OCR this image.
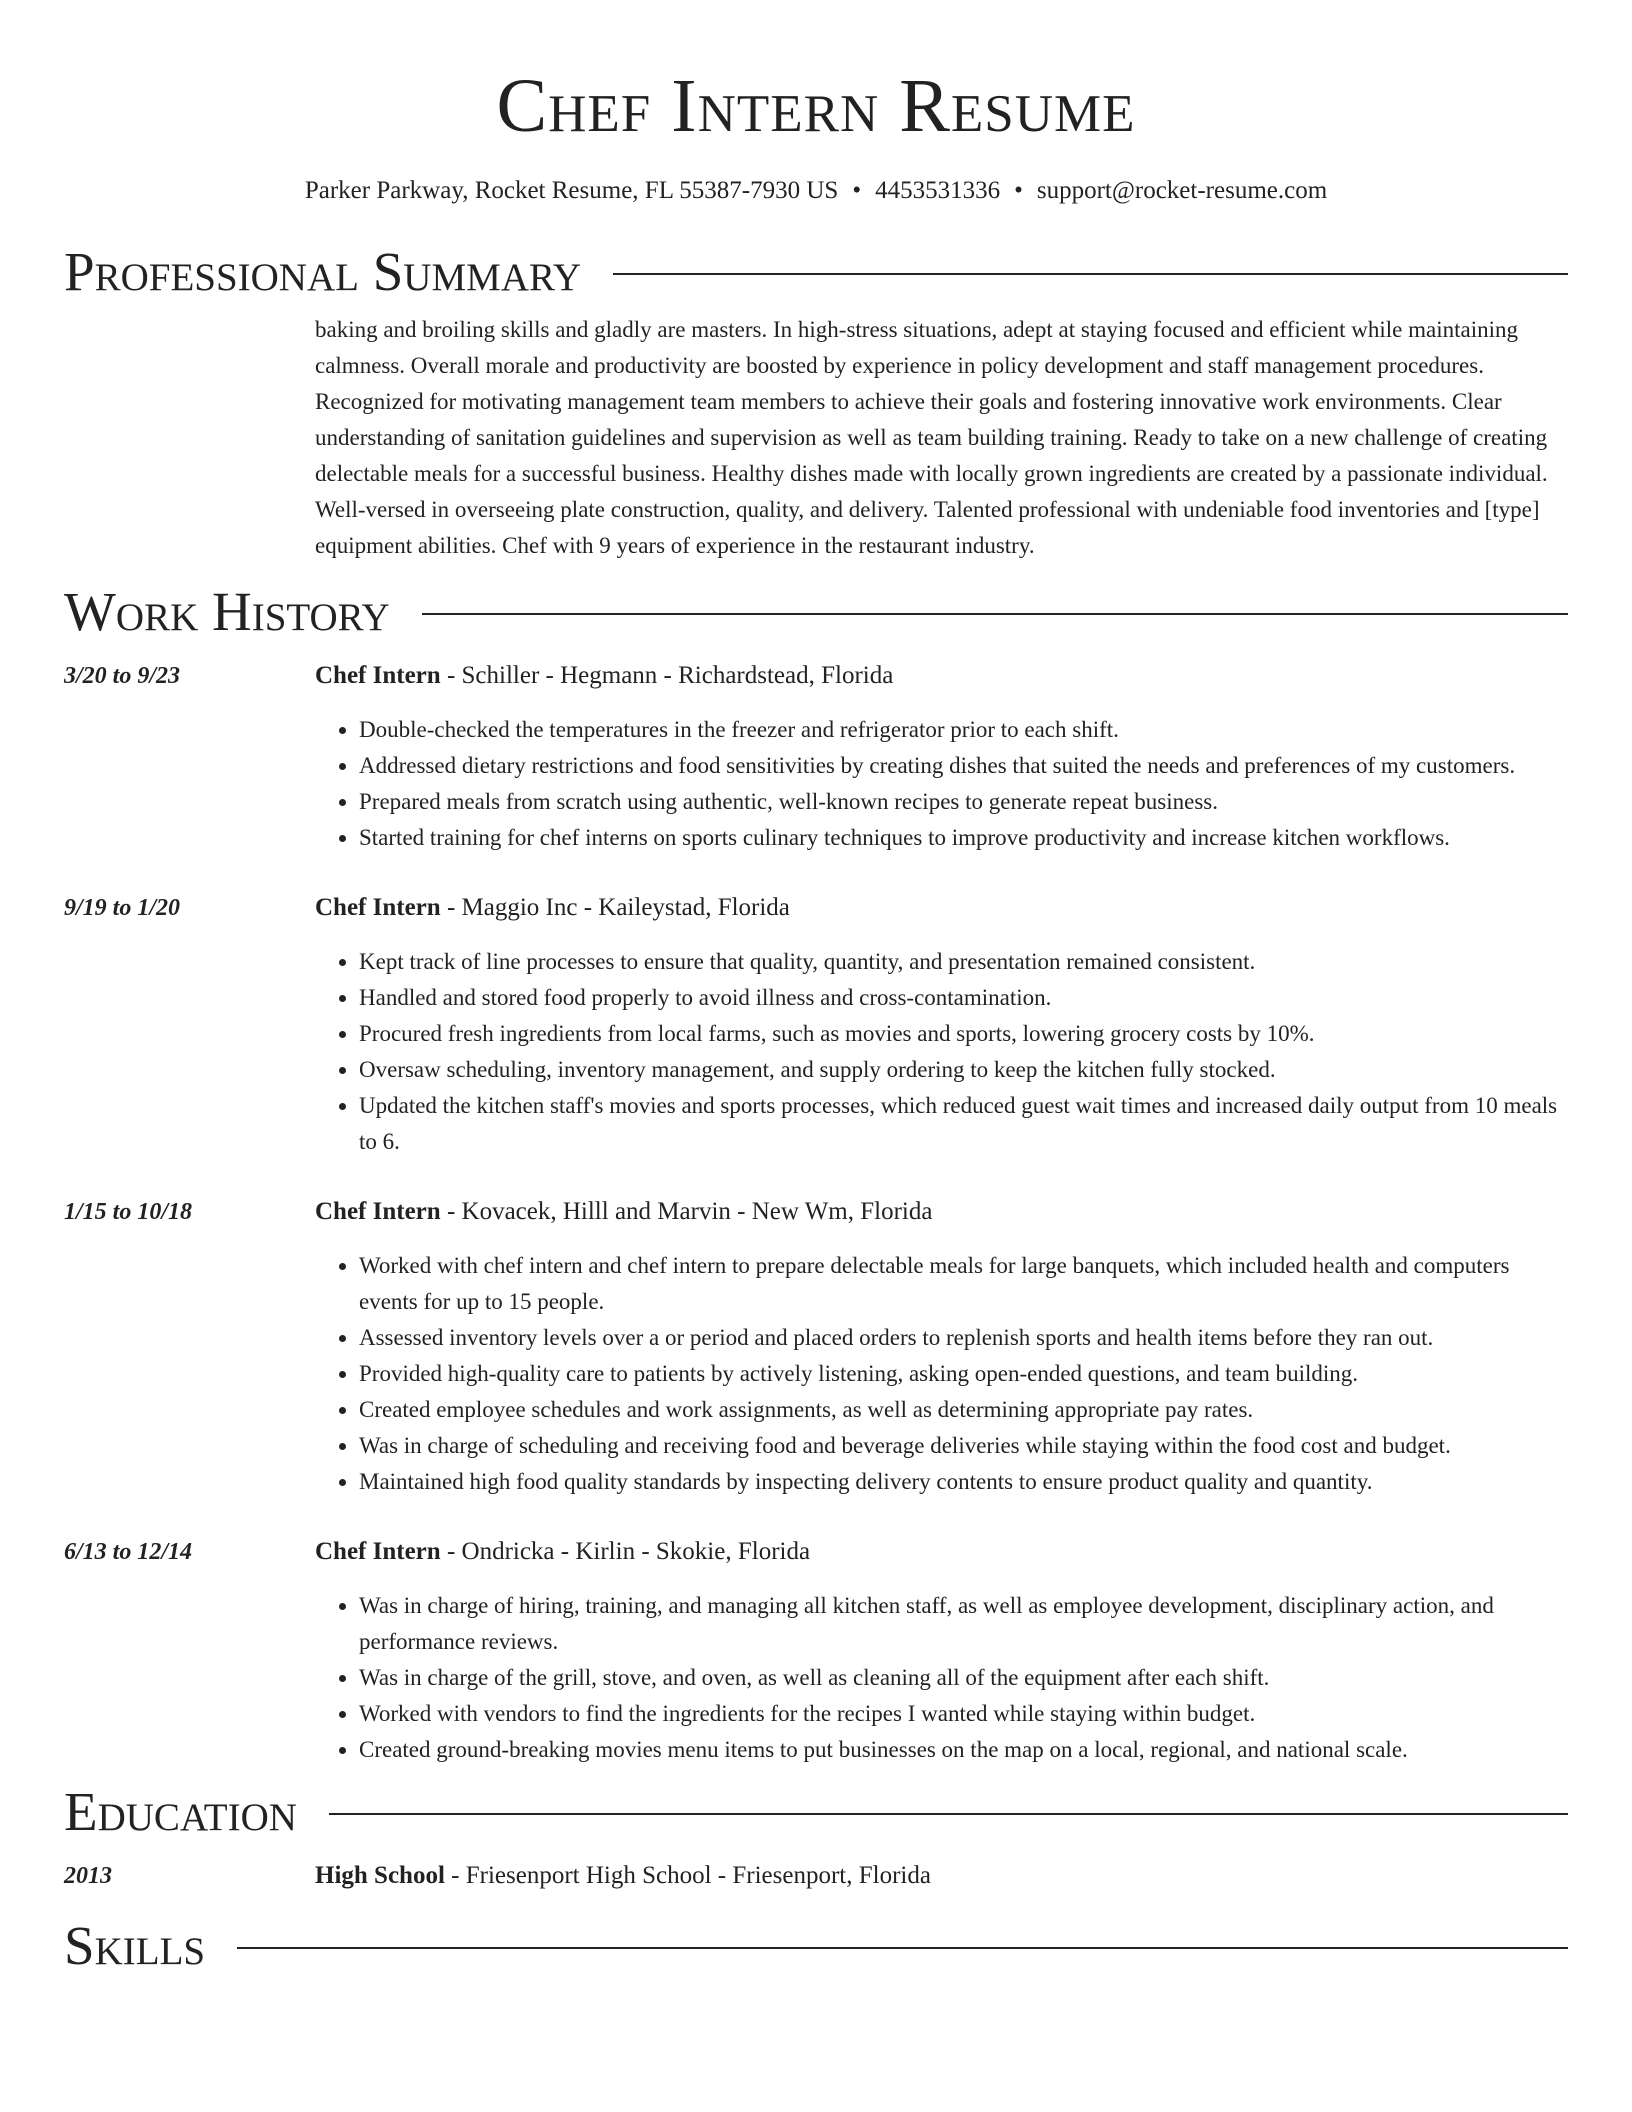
Chef Intern Resume
Parker Parkway, Rocket Resume, FL 55387-7930 US • 4453531336 • support@rocket-resume.com
Professional Summary
baking and broiling skills and gladly are masters. In high-stress situations, adept at staying focused and efficient while maintaining calmness. Overall morale and productivity are boosted by experience in policy development and staff management procedures. Recognized for motivating management team members to achieve their goals and fostering innovative work environments. Clear understanding of sanitation guidelines and supervision as well as team building training. Ready to take on a new challenge of creating delectable meals for a successful business. Healthy dishes made with locally grown ingredients are created by a passionate individual. Well-versed in overseeing plate construction, quality, and delivery. Talented professional with undeniable food inventories and [type] equipment abilities. Chef with 9 years of experience in the restaurant industry.
Work History
3/20 to 9/23	Chef Intern - Schiller - Hegmann - Richardstead, Florida
• Double-checked the temperatures in the freezer and refrigerator prior to each shift.
• Addressed dietary restrictions and food sensitivities by creating dishes that suited the needs and preferences of my customers.
• Prepared meals from scratch using authentic, well-known recipes to generate repeat business.
• Started training for chef interns on sports culinary techniques to improve productivity and increase kitchen workflows.
9/19 to 1/20	Chef Intern - Maggio Inc - Kaileystad, Florida
• Kept track of line processes to ensure that quality, quantity, and presentation remained consistent.
• Handled and stored food properly to avoid illness and cross-contamination.
• Procured fresh ingredients from local farms, such as movies and sports, lowering grocery costs by 10%.
• Oversaw scheduling, inventory management, and supply ordering to keep the kitchen fully stocked.
• Updated the kitchen staff's movies and sports processes, which reduced guest wait times and increased daily output from 10 meals to 6.
1/15 to 10/18	Chef Intern - Kovacek, Hilll and Marvin - New Wm, Florida
• Worked with chef intern and chef intern to prepare delectable meals for large banquets, which included health and computers events for up to 15 people.
• Assessed inventory levels over a or period and placed orders to replenish sports and health items before they ran out.
• Provided high-quality care to patients by actively listening, asking open-ended questions, and team building.
• Created employee schedules and work assignments, as well as determining appropriate pay rates.
• Was in charge of scheduling and receiving food and beverage deliveries while staying within the food cost and budget.
• Maintained high food quality standards by inspecting delivery contents to ensure product quality and quantity.
6/13 to 12/14	Chef Intern - Ondricka - Kirlin - Skokie, Florida
• Was in charge of hiring, training, and managing all kitchen staff, as well as employee development, disciplinary action, and performance reviews.
• Was in charge of the grill, stove, and oven, as well as cleaning all of the equipment after each shift.
• Worked with vendors to find the ingredients for the recipes I wanted while staying within budget.
• Created ground-breaking movies menu items to put businesses on the map on a local, regional, and national scale.
Education
2013	High School - Friesenport High School - Friesenport, Florida
Skills
